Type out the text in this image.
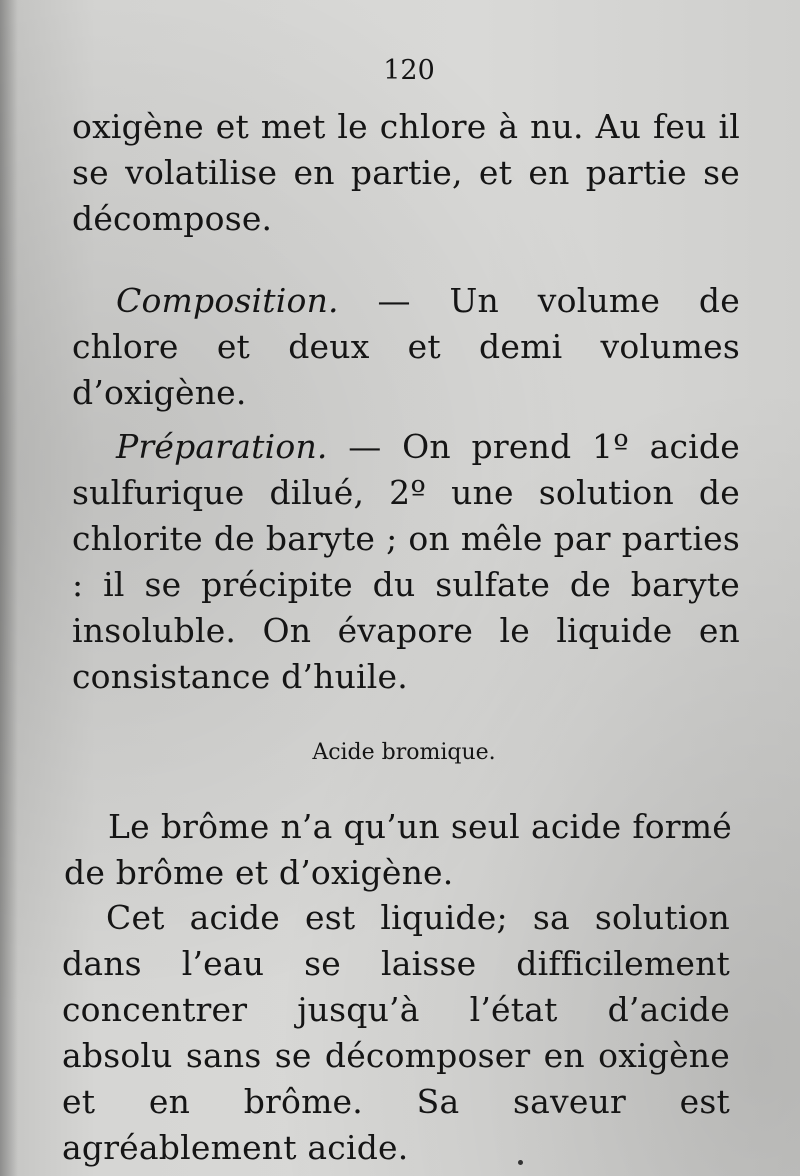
120

oxigène et met le chlore à nu. Au feu il se volatilise en partie, et en partie se décompose.

Composition. — Un volume de chlore et deux et demi volumes d’oxigène.

Préparation. — On prend 1º acide sulfurique dilué, 2º une solution de chlorite de baryte ; on mêle par parties : il se précipite du sulfate de baryte insoluble. On évapore le liquide en consistance d’huile.

Acide bromique.

Le brôme n’a qu’un seul acide formé de brôme et d’oxigène.

Cet acide est liquide; sa solution dans l’eau se laisse difficilement concentrer jusqu’à l’état d’acide absolu sans se décomposer en oxigène et en brôme. Sa saveur est agréablement acide.
